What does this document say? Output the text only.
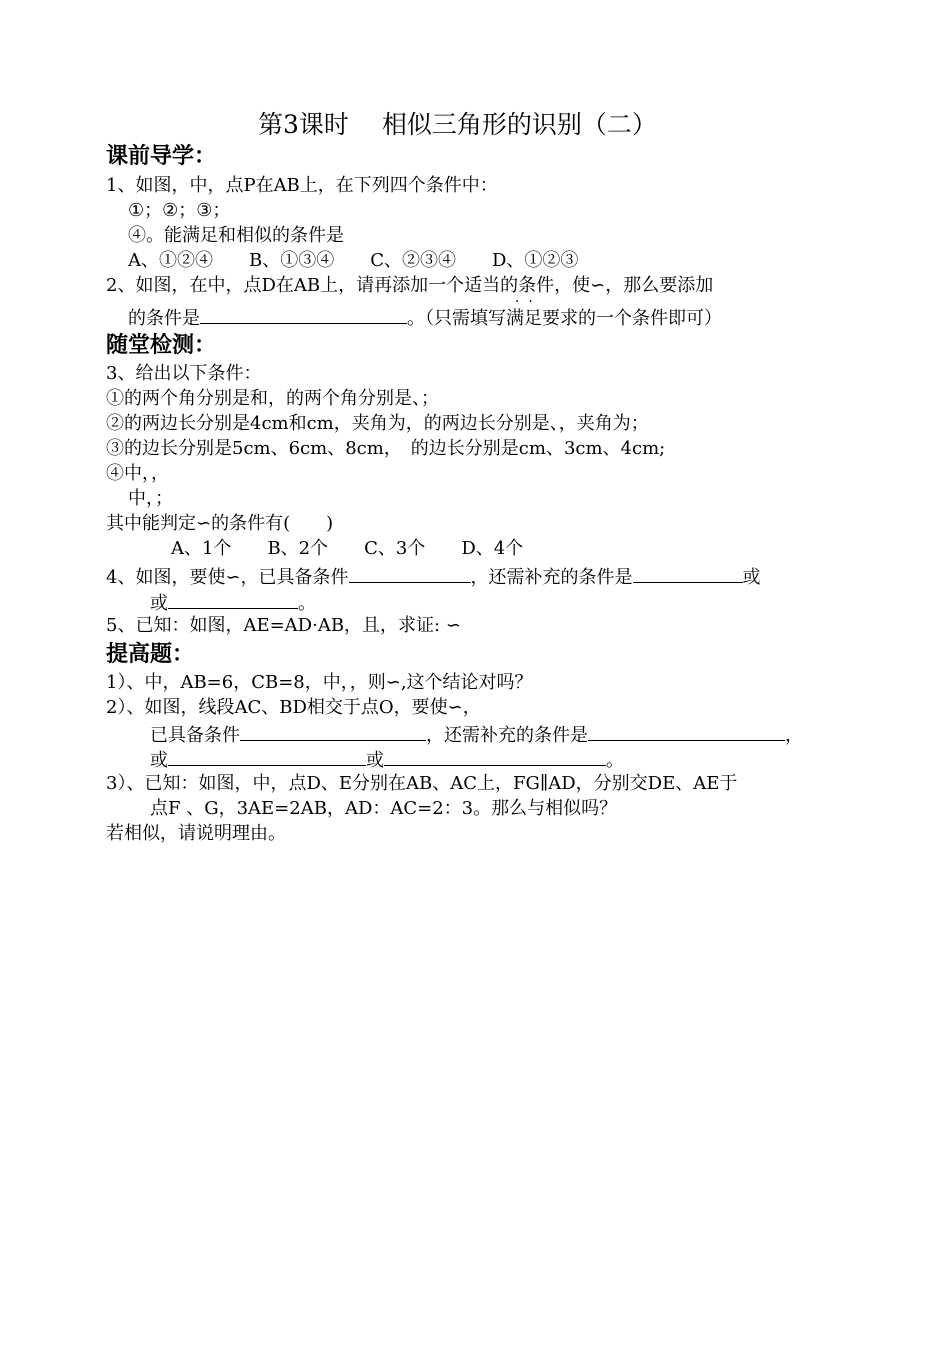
第3课时　 相似三角形的识别（二）
课前导学：
1、如图，中，点P在AB上，在下列四个条件中：
①；②；③；
④。能满足和相似的条件是
A、①②④　　B、①③④　　C、②③④　　D、①②③
2、如图，在中，点D在AB上，请再添加一个适当的条件，使∽，那么要添加
·  ·
的条件是	。（只需填写满足要求的一个条件即可）
随堂检测：
3、给出以下条件：
①的两个角分别是和，的两个角分别是、；
②的两边长分别是4cm和cm，夹角为，的两边长分别是、，夹角为；
③的边长分别是5cm、6cm、8cm，　的边长分别是cm、3cm、4cm;
④中，，
中，；
其中能判定∽的条件有(　　)
A、1个　　B、2个　　C、3个　　D、4个
4、如图，要使∽，已具备条件	，还需补充的条件是	或
或	。
5、已知：如图，AE=AD·AB，且，求证: ∽
提高题：
1）、中，AB=6，CB=8，中，，则∽,这个结论对吗？
2）、如图，线段AC、BD相交于点O，要使∽，
已具备条件	，还需补充的条件是	，
或	或	。
3）、已知：如图，中，点D、E分别在AB、AC上，FG∥AD，分别交DE、AE于
点F 、G，3AE=2AB，AD：AC=2：3。那么与相似吗？
若相似，请说明理由。
